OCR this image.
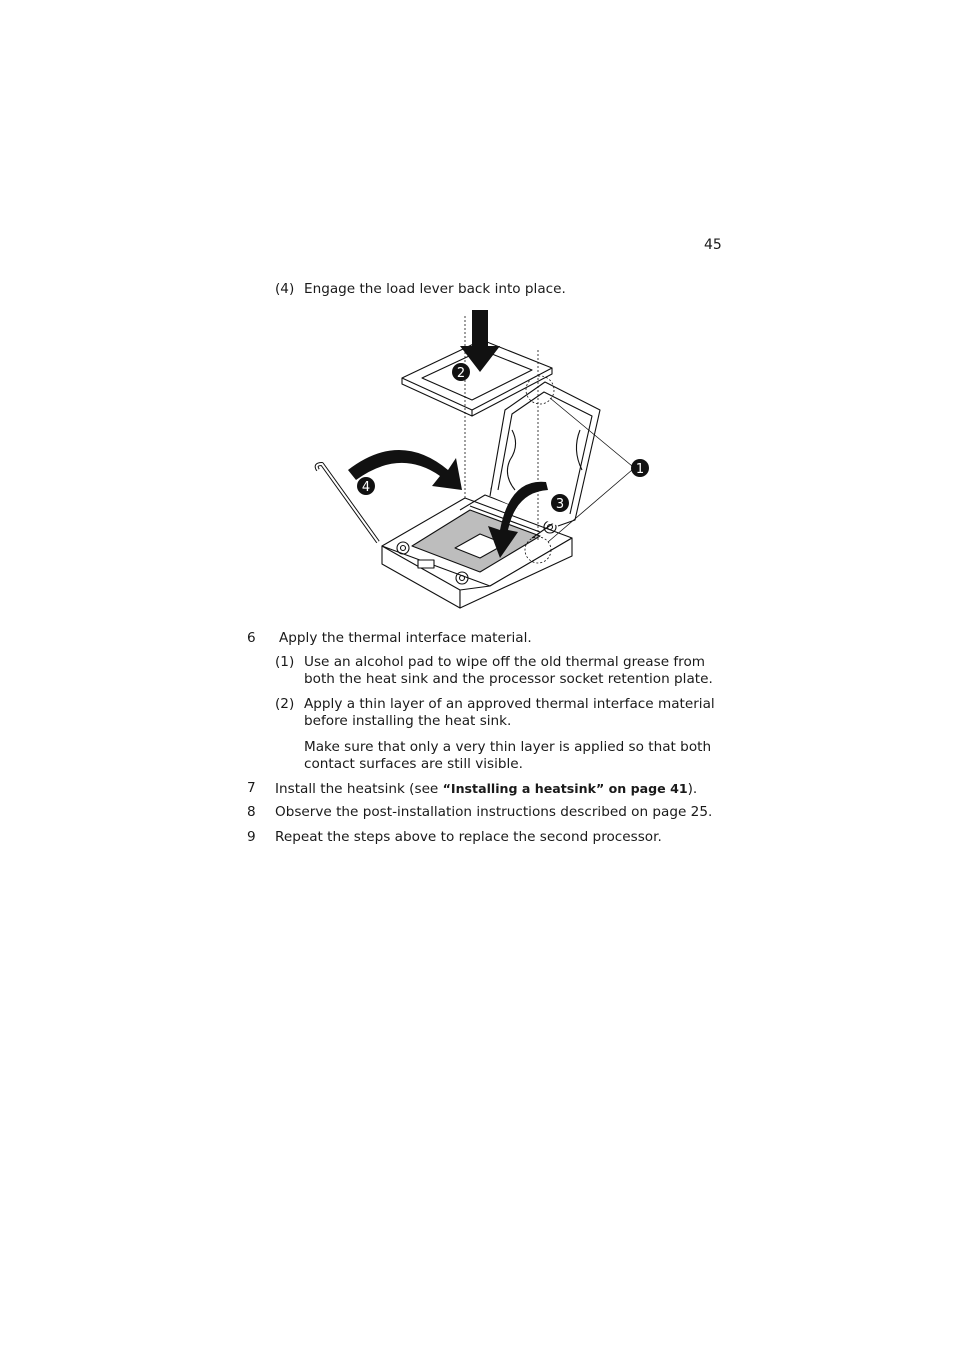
45
(4) Engage the load lever back into place.
1
2
3
4
6 Apply the thermal interface material.
(1) Use an alcohol pad to wipe off the old thermal grease from
both the heat sink and the processor socket retention plate.
(2) Apply a thin layer of an approved thermal interface material
before installing the heat sink.
Make sure that only a very thin layer is applied so that both
contact surfaces are still visible.
7 Install the heatsink (see “Installing a heatsink” on page 41).
8 Observe the post-installation instructions described on page 25.
9 Repeat the steps above to replace the second processor.
